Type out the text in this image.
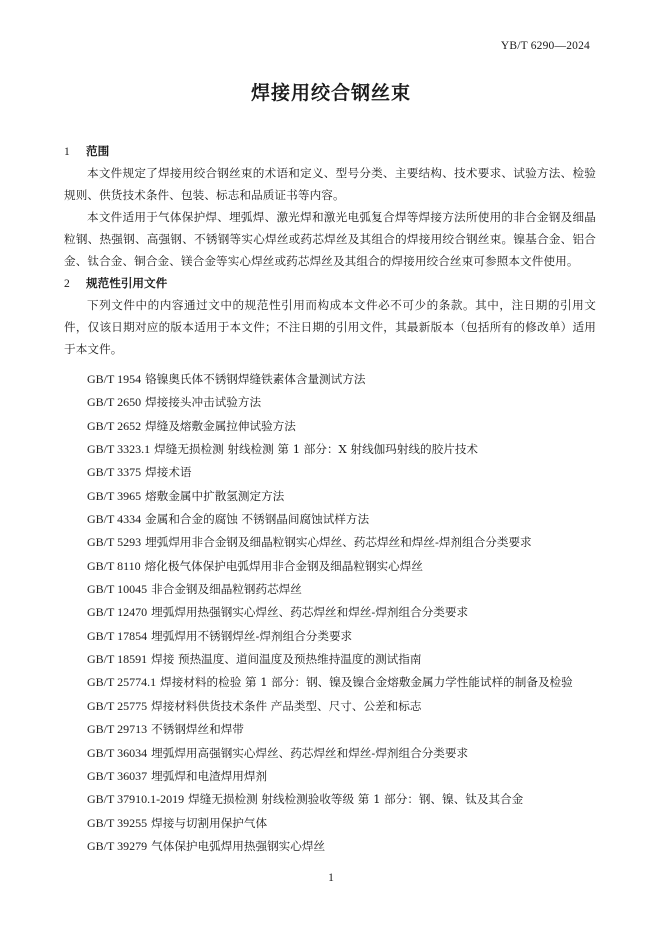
YB/T 6290—2024
焊接用绞合钢丝束
1 范围

本文件规定了焊接用绞合钢丝束的术语和定义、型号分类、主要结构、技术要求、试验方法、检验规则、供货技术条件、包装、标志和品质证书等内容。

本文件适用于气体保护焊、埋弧焊、激光焊和激光电弧复合焊等焊接方法所使用的非合金钢及细晶粒钢、热强钢、高强钢、不锈钢等实心焊丝或药芯焊丝及其组合的焊接用绞合钢丝束。镍基合金、铝合金、钛合金、铜合金、镁合金等实心焊丝或药芯焊丝及其组合的焊接用绞合丝束可参照本文件使用。

2 规范性引用文件

下列文件中的内容通过文中的规范性引用而构成本文件必不可少的条款。其中，注日期的引用文件，仅该日期对应的版本适用于本文件；不注日期的引用文件，其最新版本（包括所有的修改单）适用于本文件。

GB/T 1954 铬镍奥氏体不锈钢焊缝铁素体含量测试方法
GB/T 2650 焊接接头冲击试验方法
GB/T 2652 焊缝及熔敷金属拉伸试验方法
GB/T 3323.1 焊缝无损检测 射线检测 第 1 部分：X 射线伽玛射线的胶片技术
GB/T 3375 焊接术语
GB/T 3965 熔敷金属中扩散氢测定方法
GB/T 4334 金属和合金的腐蚀 不锈钢晶间腐蚀试样方法
GB/T 5293 埋弧焊用非合金钢及细晶粒钢实心焊丝、药芯焊丝和焊丝-焊剂组合分类要求
GB/T 8110 熔化极气体保护电弧焊用非合金钢及细晶粒钢实心焊丝
GB/T 10045 非合金钢及细晶粒钢药芯焊丝
GB/T 12470 埋弧焊用热强钢实心焊丝、药芯焊丝和焊丝-焊剂组合分类要求
GB/T 17854 埋弧焊用不锈钢焊丝-焊剂组合分类要求
GB/T 18591 焊接 预热温度、道间温度及预热维持温度的测试指南
GB/T 25774.1 焊接材料的检验 第 1 部分：钢、镍及镍合金熔敷金属力学性能试样的制备及检验
GB/T 25775 焊接材料供货技术条件 产品类型、尺寸、公差和标志
GB/T 29713 不锈钢焊丝和焊带
GB/T 36034 埋弧焊用高强钢实心焊丝、药芯焊丝和焊丝-焊剂组合分类要求
GB/T 36037 埋弧焊和电渣焊用焊剂
GB/T 37910.1-2019 焊缝无损检测 射线检测验收等级 第 1 部分：钢、镍、钛及其合金
GB/T 39255 焊接与切割用保护气体
GB/T 39279 气体保护电弧焊用热强钢实心焊丝
1
